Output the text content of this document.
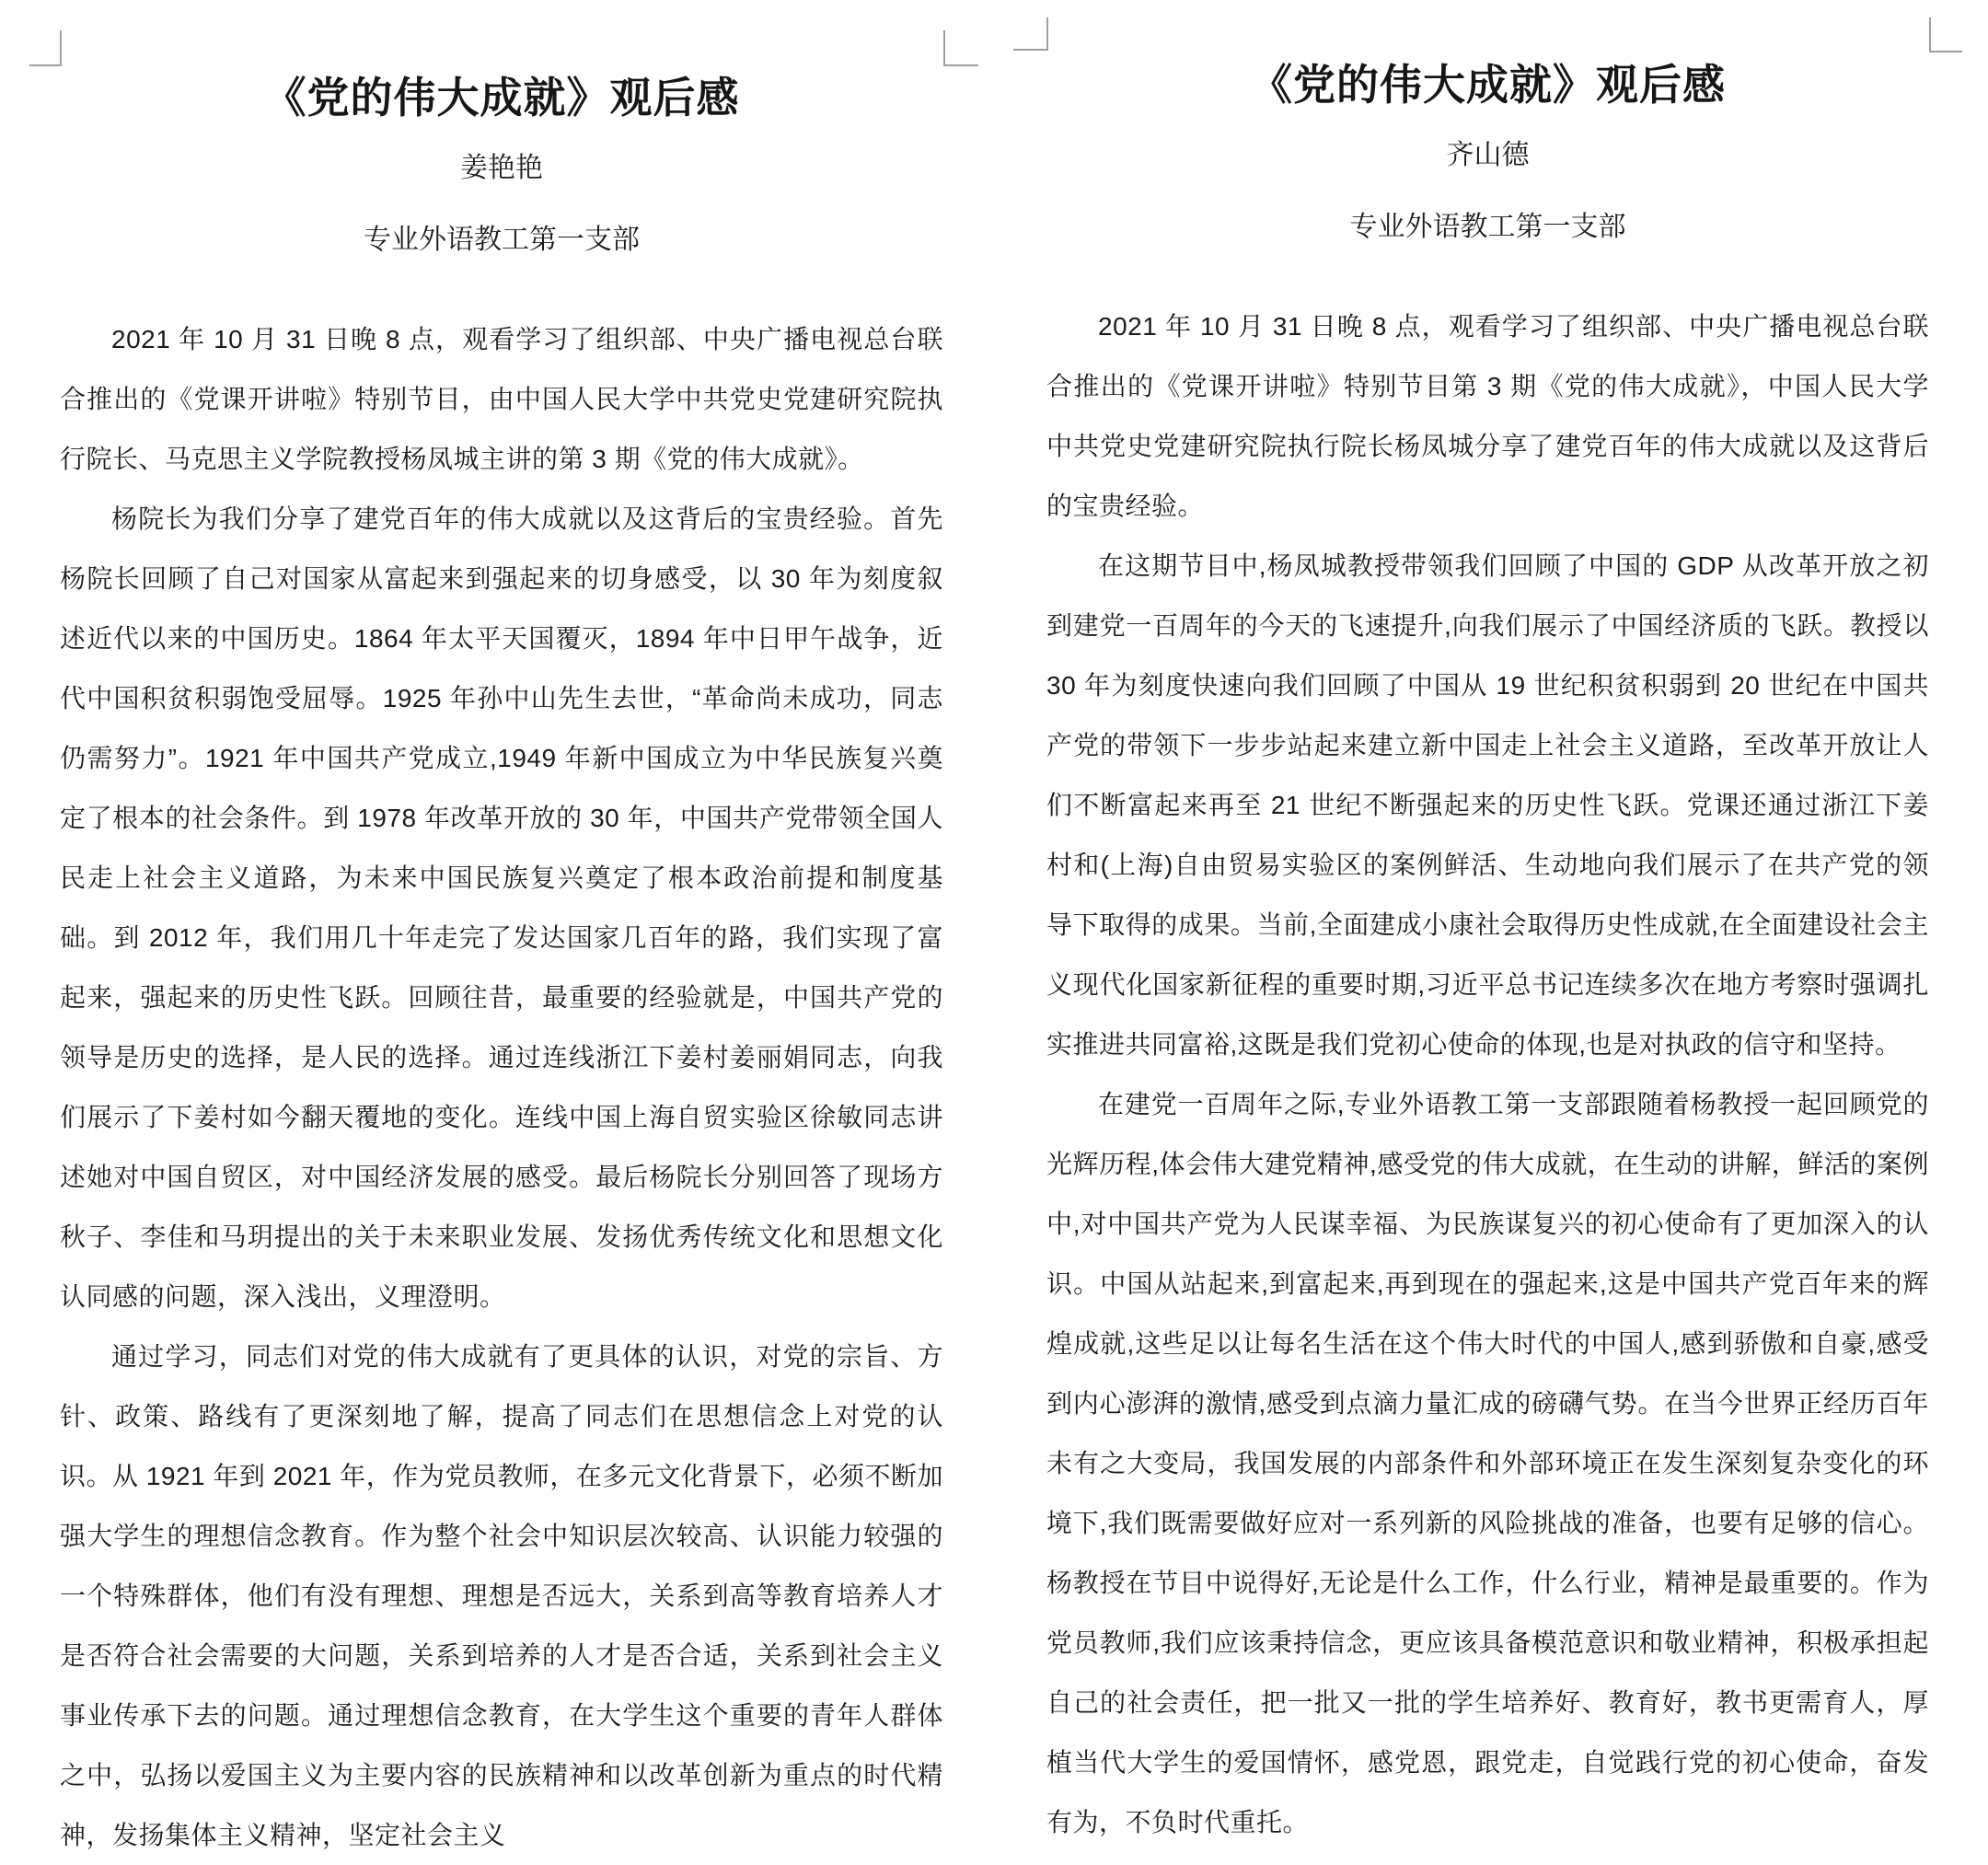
《党的伟大成就》观后感
姜艳艳
专业外语教工第一支部

2021 年 10 月 31 日晚 8 点，观看学习了组织部、中央广播电视总台联合推出的《党课开讲啦》特别节目，由中国人民大学中共党史党建研究院执行院长、马克思主义学院教授杨凤城主讲的第 3 期《党的伟大成就》。

杨院长为我们分享了建党百年的伟大成就以及这背后的宝贵经验。首先杨院长回顾了自己对国家从富起来到强起来的切身感受，以 30 年为刻度叙述近代以来的中国历史。1864 年太平天国覆灭，1894 年中日甲午战争，近代中国积贫积弱饱受屈辱。1925 年孙中山先生去世，“革命尚未成功，同志仍需努力”。1921 年中国共产党成立,1949 年新中国成立为中华民族复兴奠定了根本的社会条件。到 1978 年改革开放的 30 年，中国共产党带领全国人民走上社会主义道路，为未来中国民族复兴奠定了根本政治前提和制度基础。到 2012 年，我们用几十年走完了发达国家几百年的路，我们实现了富起来，强起来的历史性飞跃。回顾往昔，最重要的经验就是，中国共产党的领导是历史的选择，是人民的选择。通过连线浙江下姜村姜丽娟同志，向我们展示了下姜村如今翻天覆地的变化。连线中国上海自贸实验区徐敏同志讲述她对中国自贸区，对中国经济发展的感受。最后杨院长分别回答了现场方秋子、李佳和马玥提出的关于未来职业发展、发扬优秀传统文化和思想文化认同感的问题，深入浅出，义理澄明。

通过学习，同志们对党的伟大成就有了更具体的认识，对党的宗旨、方针、政策、路线有了更深刻地了解，提高了同志们在思想信念上对党的认识。从 1921 年到 2021 年，作为党员教师，在多元文化背景下，必须不断加强大学生的理想信念教育。作为整个社会中知识层次较高、认识能力较强的一个特殊群体，他们有没有理想、理想是否远大，关系到高等教育培养人才是否符合社会需要的大问题，关系到培养的人才是否合适，关系到社会主义事业传承下去的问题。通过理想信念教育，在大学生这个重要的青年人群体之中，弘扬以爱国主义为主要内容的民族精神和以改革创新为重点的时代精神，发扬集体主义精神，坚定社会主义

《党的伟大成就》观后感
齐山德
专业外语教工第一支部

2021 年 10 月 31 日晚 8 点，观看学习了组织部、中央广播电视总台联合推出的《党课开讲啦》特别节目第 3 期《党的伟大成就》，中国人民大学中共党史党建研究院执行院长杨凤城分享了建党百年的伟大成就以及这背后的宝贵经验。

在这期节目中,杨凤城教授带领我们回顾了中国的 GDP 从改革开放之初到建党一百周年的今天的飞速提升,向我们展示了中国经济质的飞跃。教授以 30 年为刻度快速向我们回顾了中国从 19 世纪积贫积弱到 20 世纪在中国共产党的带领下一步步站起来建立新中国走上社会主义道路，至改革开放让人们不断富起来再至 21 世纪不断强起来的历史性飞跃。党课还通过浙江下姜村和(上海)自由贸易实验区的案例鲜活、生动地向我们展示了在共产党的领导下取得的成果。当前,全面建成小康社会取得历史性成就,在全面建设社会主义现代化国家新征程的重要时期,习近平总书记连续多次在地方考察时强调扎实推进共同富裕,这既是我们党初心使命的体现,也是对执政的信守和坚持。

在建党一百周年之际,专业外语教工第一支部跟随着杨教授一起回顾党的光辉历程,体会伟大建党精神,感受党的伟大成就，在生动的讲解，鲜活的案例中,对中国共产党为人民谋幸福、为民族谋复兴的初心使命有了更加深入的认识。中国从站起来,到富起来,再到现在的强起来,这是中国共产党百年来的辉煌成就,这些足以让每名生活在这个伟大时代的中国人,感到骄傲和自豪,感受到内心澎湃的激情,感受到点滴力量汇成的磅礴气势。在当今世界正经历百年未有之大变局，我国发展的内部条件和外部环境正在发生深刻复杂变化的环境下,我们既需要做好应对一系列新的风险挑战的准备，也要有足够的信心。杨教授在节目中说得好,无论是什么工作，什么行业，精神是最重要的。作为党员教师,我们应该秉持信念，更应该具备模范意识和敬业精神，积极承担起自己的社会责任，把一批又一批的学生培养好、教育好，教书更需育人，厚植当代大学生的爱国情怀，感党恩，跟党走，自觉践行党的初心使命，奋发有为，不负时代重托。
